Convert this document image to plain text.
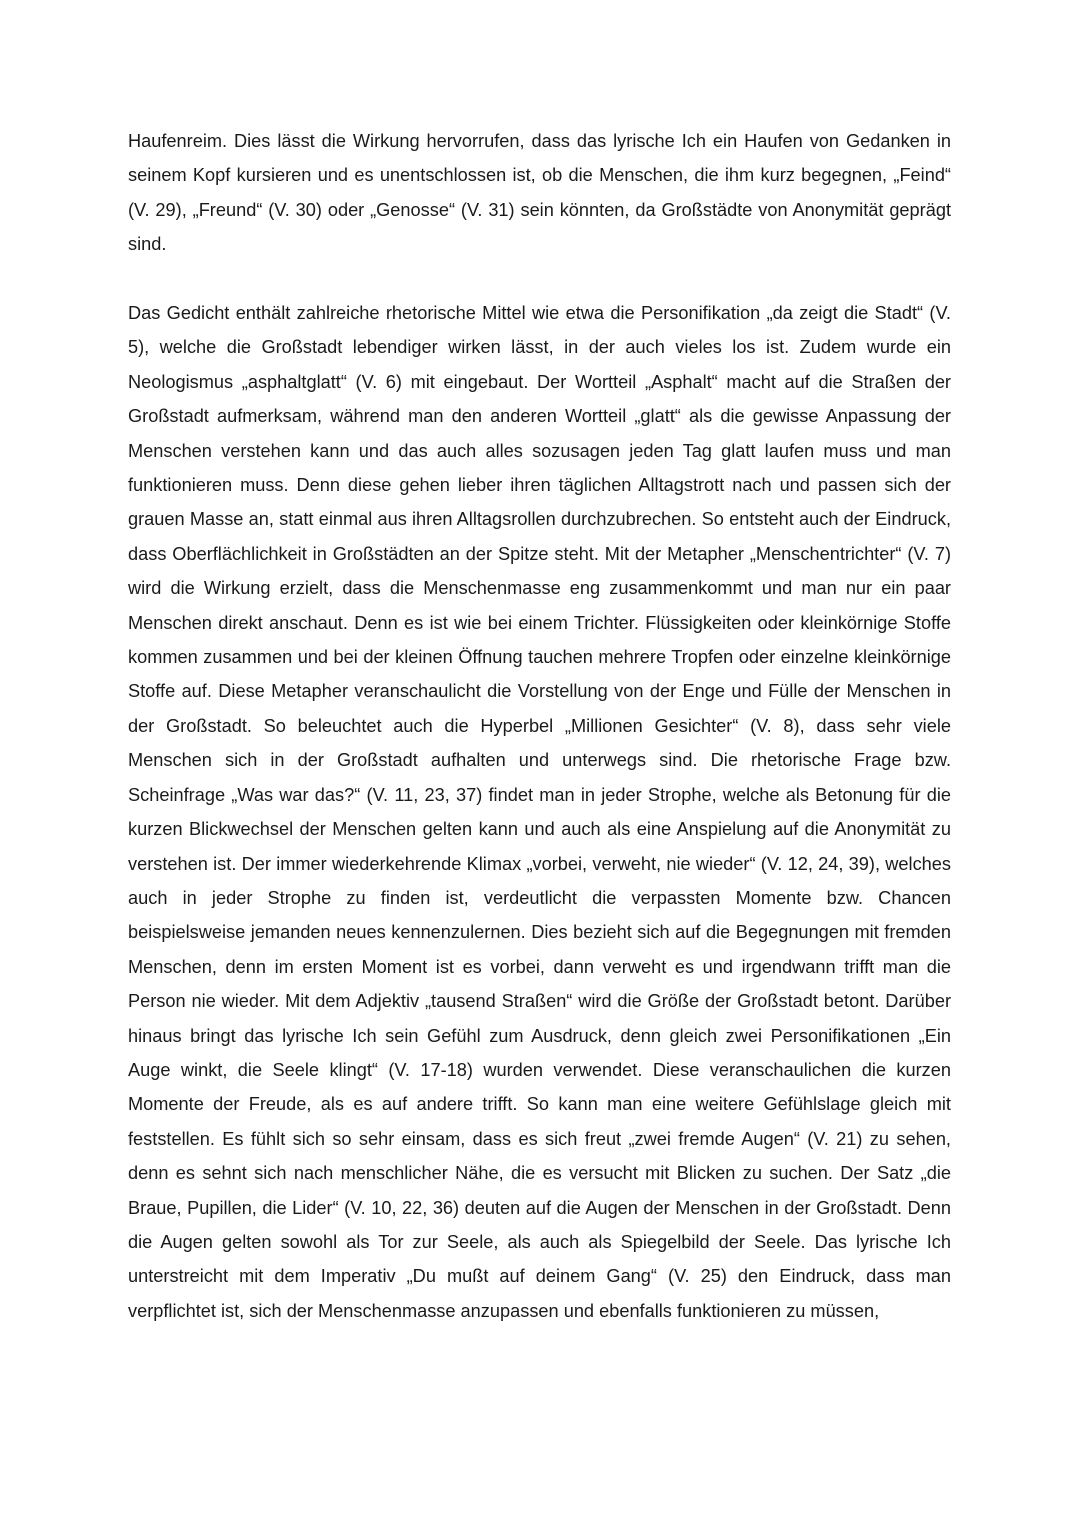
Haufenreim. Dies lässt die Wirkung hervorrufen, dass das lyrische Ich ein Haufen von Gedanken in seinem Kopf kursieren und es unentschlossen ist, ob die Menschen, die ihm kurz begegnen, „Feind“ (V. 29), „Freund“ (V. 30) oder „Genosse“ (V. 31) sein könnten, da Großstädte von Anonymität geprägt sind.

Das Gedicht enthält zahlreiche rhetorische Mittel wie etwa die Personifikation „da zeigt die Stadt“ (V. 5), welche die Großstadt lebendiger wirken lässt, in der auch vieles los ist. Zudem wurde ein Neologismus „asphaltglatt“ (V. 6) mit eingebaut. Der Wortteil „Asphalt“ macht auf die Straßen der Großstadt aufmerksam, während man den anderen Wortteil „glatt“ als die gewisse Anpassung der Menschen verstehen kann und das auch alles sozusagen jeden Tag glatt laufen muss und man funktionieren muss. Denn diese gehen lieber ihren täglichen Alltagstrott nach und passen sich der grauen Masse an, statt einmal aus ihren Alltagsrollen durchzubrechen. So entsteht auch der Eindruck, dass Oberflächlichkeit in Großstädten an der Spitze steht. Mit der Metapher „Menschentrichter“ (V. 7) wird die Wirkung erzielt, dass die Menschenmasse eng zusammenkommt und man nur ein paar Menschen direkt anschaut. Denn es ist wie bei einem Trichter. Flüssigkeiten oder kleinkörnige Stoffe kommen zusammen und bei der kleinen Öffnung tauchen mehrere Tropfen oder einzelne kleinkörnige Stoffe auf. Diese Metapher veranschaulicht die Vorstellung von der Enge und Fülle der Menschen in der Großstadt. So beleuchtet auch die Hyperbel „Millionen Gesichter“ (V. 8), dass sehr viele Menschen sich in der Großstadt aufhalten und unterwegs sind. Die rhetorische Frage bzw. Scheinfrage „Was war das?“ (V. 11, 23, 37) findet man in jeder Strophe, welche als Betonung für die kurzen Blickwechsel der Menschen gelten kann und auch als eine Anspielung auf die Anonymität zu verstehen ist. Der immer wiederkehrende Klimax „vorbei, verweht, nie wieder“ (V. 12, 24, 39), welches auch in jeder Strophe zu finden ist, verdeutlicht die verpassten Momente bzw. Chancen beispielsweise jemanden neues kennenzulernen. Dies bezieht sich auf die Begegnungen mit fremden Menschen, denn im ersten Moment ist es vorbei, dann verweht es und irgendwann trifft man die Person nie wieder. Mit dem Adjektiv „tausend Straßen“ wird die Größe der Großstadt betont. Darüber hinaus bringt das lyrische Ich sein Gefühl zum Ausdruck, denn gleich zwei Personifikationen „Ein Auge winkt, die Seele klingt“ (V. 17-18) wurden verwendet. Diese veranschaulichen die kurzen Momente der Freude, als es auf andere trifft. So kann man eine weitere Gefühlslage gleich mit feststellen. Es fühlt sich so sehr einsam, dass es sich freut „zwei fremde Augen“ (V. 21) zu sehen, denn es sehnt sich nach menschlicher Nähe, die es versucht mit Blicken zu suchen. Der Satz „die Braue, Pupillen, die Lider“ (V. 10, 22, 36) deuten auf die Augen der Menschen in der Großstadt. Denn die Augen gelten sowohl als Tor zur Seele, als auch als Spiegelbild der Seele. Das lyrische Ich unterstreicht mit dem Imperativ „Du mußt auf deinem Gang“ (V. 25) den Eindruck, dass man verpflichtet ist, sich der Menschenmasse anzupassen und ebenfalls funktionieren zu müssen,
